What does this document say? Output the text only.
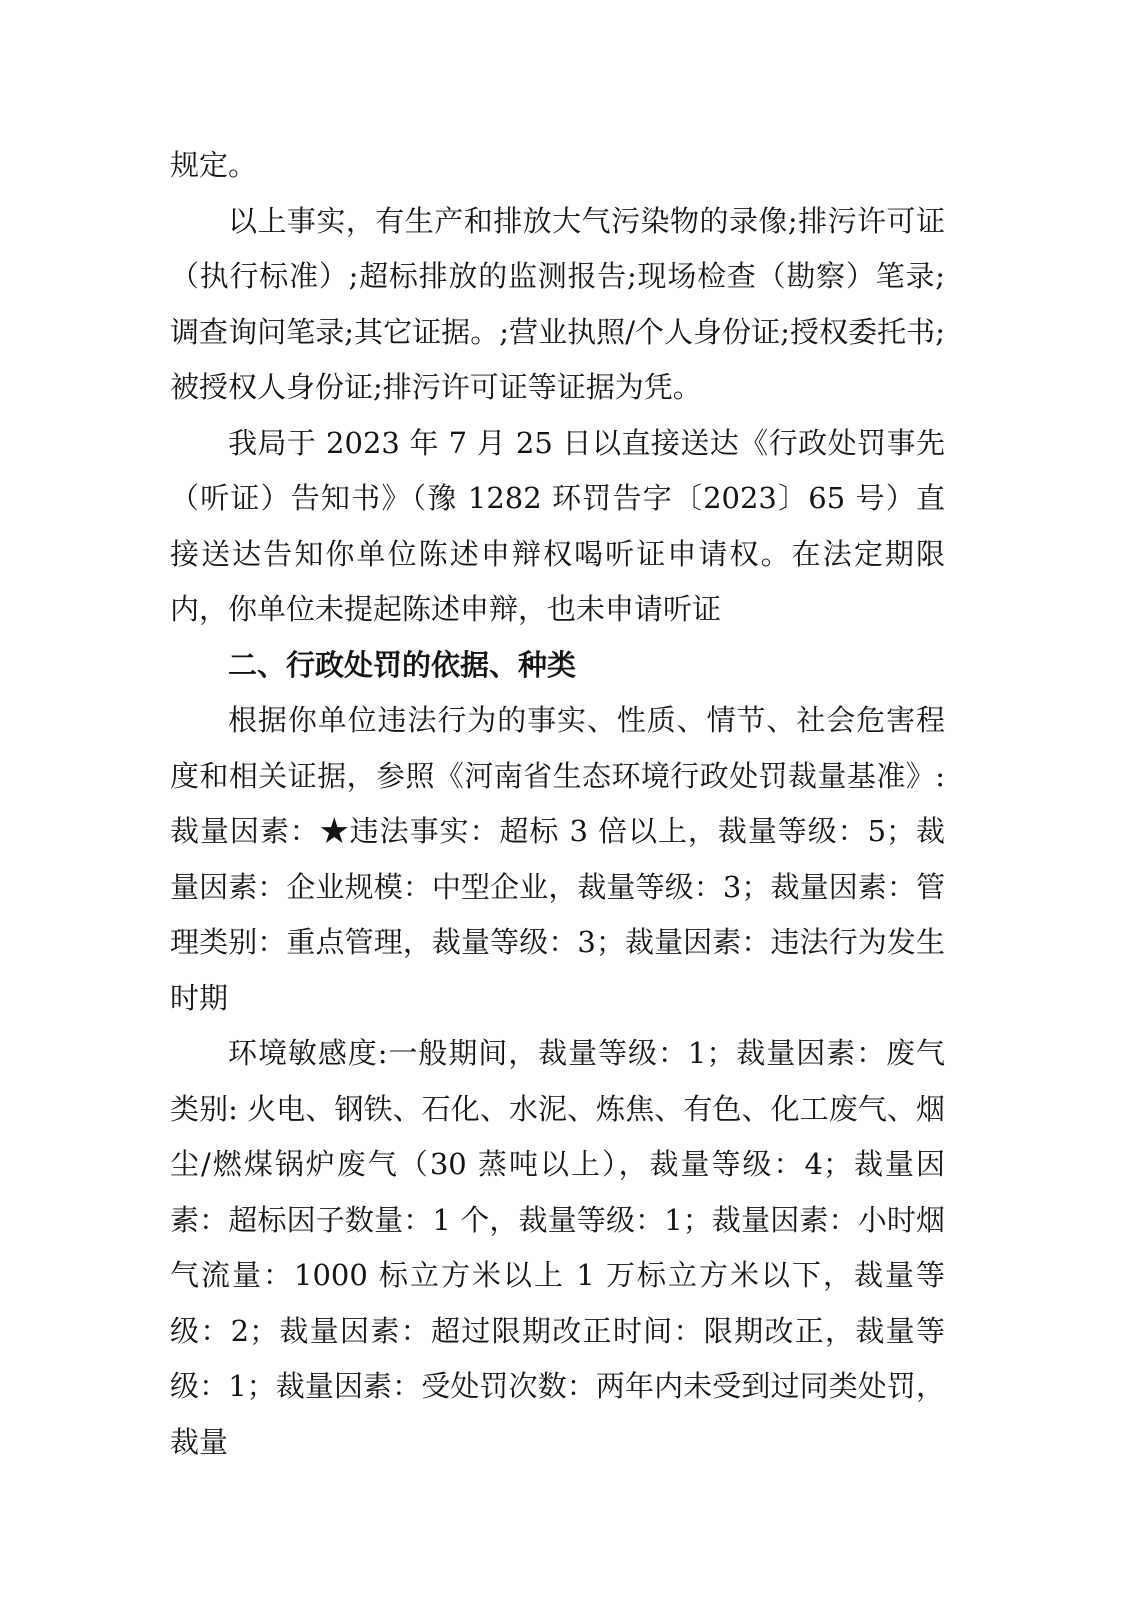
规定。

以上事实，有生产和排放大气污染物的录像;排污许可证（执行标准）;超标排放的监测报告;现场检查（勘察）笔录;调查询问笔录;其它证据。;营业执照/个人身份证;授权委托书;被授权人身份证;排污许可证等证据为凭。

我局于 2023 年 7 月 25 日以直接送达《行政处罚事先（听证）告知书》（豫 1282 环罚告字〔2023〕65 号）直接送达告知你单位陈述申辩权喝听证申请权。在法定期限内，你单位未提起陈述申辩，也未申请听证

二、行政处罚的依据、种类

根据你单位违法行为的事实、性质、情节、社会危害程度和相关证据，参照《河南省生态环境行政处罚裁量基准》: 裁量因素：★违法事实：超标 3 倍以上，裁量等级：5；裁量因素：企业规模：中型企业，裁量等级：3；裁量因素：管理类别：重点管理，裁量等级：3；裁量因素：违法行为发生时期

环境敏感度:一般期间，裁量等级：1；裁量因素：废气类别: 火电、钢铁、石化、水泥、炼焦、有色、化工废气、烟尘/燃煤锅炉废气（30 蒸吨以上），裁量等级：4；裁量因素：超标因子数量：1 个，裁量等级：1；裁量因素：小时烟气流量：1000 标立方米以上 1 万标立方米以下，裁量等级：2；裁量因素：超过限期改正时间：限期改正，裁量等级：1；裁量因素：受处罚次数：两年内未受到过同类处罚，裁量
